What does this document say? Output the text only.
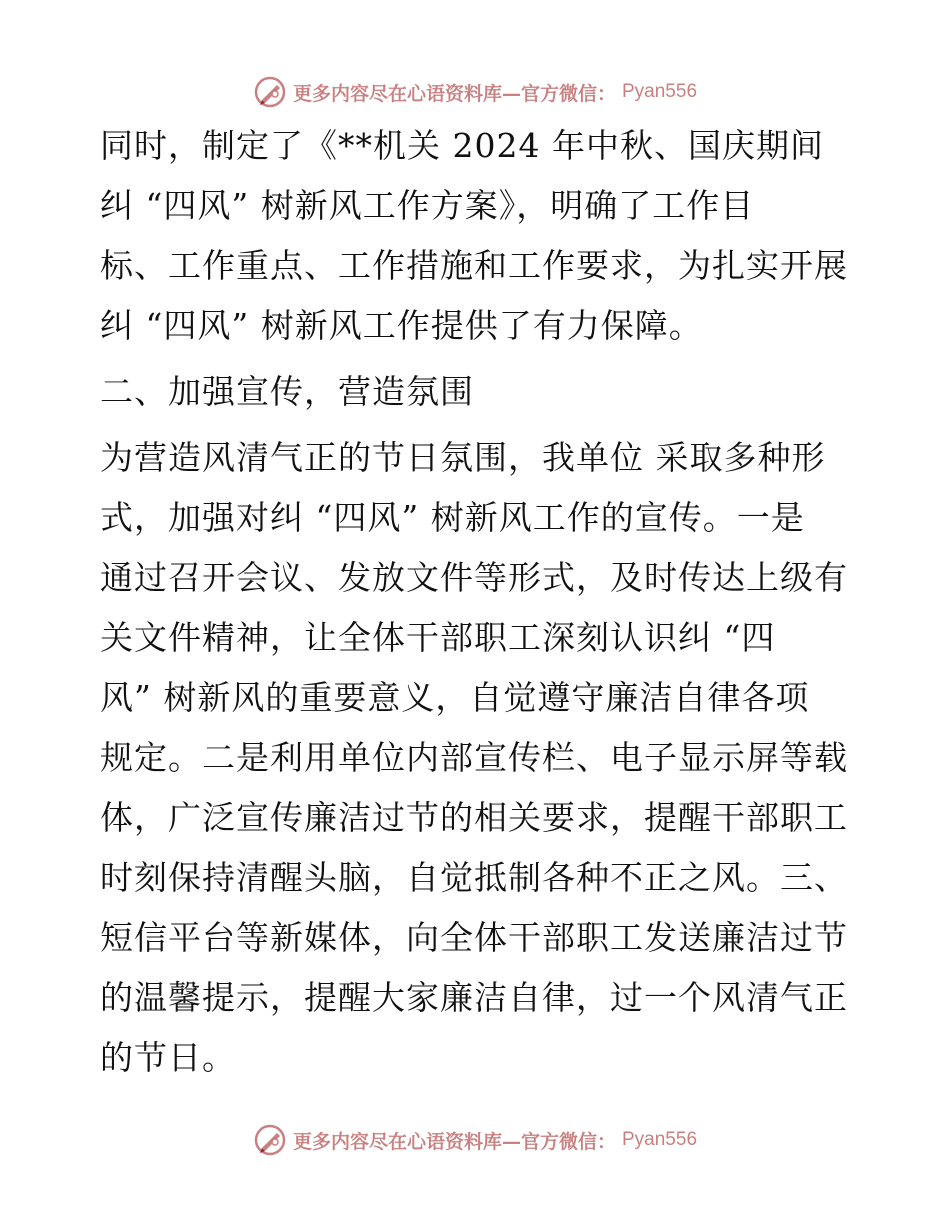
更多内容尽在心语资料库—官方微信： Pyan556
同时，制定了《**机关 2024 年中秋、国庆期间
纠 “四风” 树新风工作方案》，明确了工作目
标、工作重点、工作措施和工作要求，为扎实开展
纠 “四风” 树新风工作提供了有力保障。
二、加强宣传，营造氛围
为营造风清气正的节日氛围，我单位 采取多种形
式，加强对纠 “四风” 树新风工作的宣传。一是
通过召开会议、发放文件等形式，及时传达上级有
关文件精神，让全体干部职工深刻认识纠 “四
风” 树新风的重要意义，自觉遵守廉洁自律各项
规定。二是利用单位内部宣传栏、电子显示屏等载
体，广泛宣传廉洁过节的相关要求，提醒干部职工
时刻保持清醒头脑，自觉抵制各种不正之风。三、
短信平台等新媒体，向全体干部职工发送廉洁过节
的温馨提示，提醒大家廉洁自律，过一个风清气正
的节日。
更多内容尽在心语资料库—官方微信： Pyan556
